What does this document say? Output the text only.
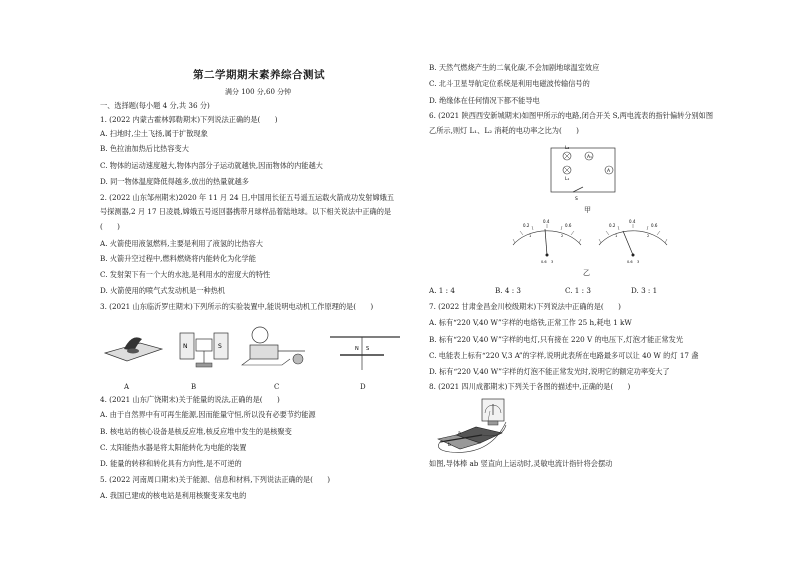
第二学期期末素养综合测试
满分 100 分,60 分钟
一、选择题(每小题 4 分,共 36 分)
1. (2022 内蒙古霍林郭勒期末)下列说法正确的是(　　)
A. 扫地时,尘土飞扬,属于扩散现象
B. 色拉油加热后比热容变大
C. 物体的运动速度越大,物体内部分子运动就越快,因而物体的内能越大
D. 同一物体温度降低得越多,放出的热量就越多
2. (2022 山东邹州期末)2020 年 11 月 24 日,中国用长征五号遥五运载火箭成功发射嫦娥五
号探测器,2 月 17 日凌晨,嫦娥五号返回器携带月球样品着陆地球。以下相关说法中正确的是
(　　)
A. 火箭使用液氢燃料,主要是利用了液氢的比热容大
B. 火箭升空过程中,燃料燃烧将内能转化为化学能
C. 发射架下有一个大的水池,是利用水的密度大的特性
D. 火箭使用的喷气式发动机是一种热机
3. (2021 山东临沂罗庄期末)下列所示的实验装置中,能说明电动机工作原理的是(　　)
4. (2021 山东广饶期末)关于能量的说法,正确的是(　　)
A. 由于自然界中有可再生能源,因而能量守恒,所以没有必要节约能源
B. 核电站的核心设备是核反应堆,核反应堆中发生的是核聚变
C. 太阳能热水器是将太阳能转化为电能的装置
D. 能量的转移和转化具有方向性,是不可逆的
5. (2022 河南周口期末)关于能源、信息和材料,下列说法正确的是(　　)
A. 我国已建成的核电站是利用核聚变来发电的
N	S	N S
A	B	C	D
B. 天然气燃烧产生的二氧化碳,不会加剧地球温室效应
C. 北斗卫星导航定位系统是利用电磁波传输信号的
D. 绝缘体在任何情况下都不能导电
6. (2021 陕西西安新城期末)如图甲所示的电路,闭合开关 S,两电流表的指针偏转分别如图
乙所示,则灯 L₁、L₂ 消耗的电功率之比为(　　)
L₂
A₁
L₁
A
S
甲
0.2
0.4
0.6
1	2
0.6 3
0.2
0.4
0.6
1	2
0.6 3
乙
A. 1 : 4	B. 4 : 3	C. 1 : 3	D. 3 : 1
7. (2022 甘肃金昌金川校级期末)下列说法中正确的是(　　)
A. 标有“220 V,40 W”字样的电烙铁,正常工作 25 h,耗电 1 kW
B. 标有“220 V,40 W”字样的电灯,只有接在 220 V 的电压下,灯泡才能正常发光
C. 电能表上标有“220 V,3 A”的字样,说明此表所在电路最多可以让 40 W 的灯 17 盏
D. 标有“220 V,40 W”字样的灯泡不能正常发光时,说明它的额定功率变大了
8. (2021 四川成都期末)下列关于各图的描述中,正确的是(　　)
a
b
如图,导体棒 ab 竖直向上运动时,灵敏电流计指针将会摆动
